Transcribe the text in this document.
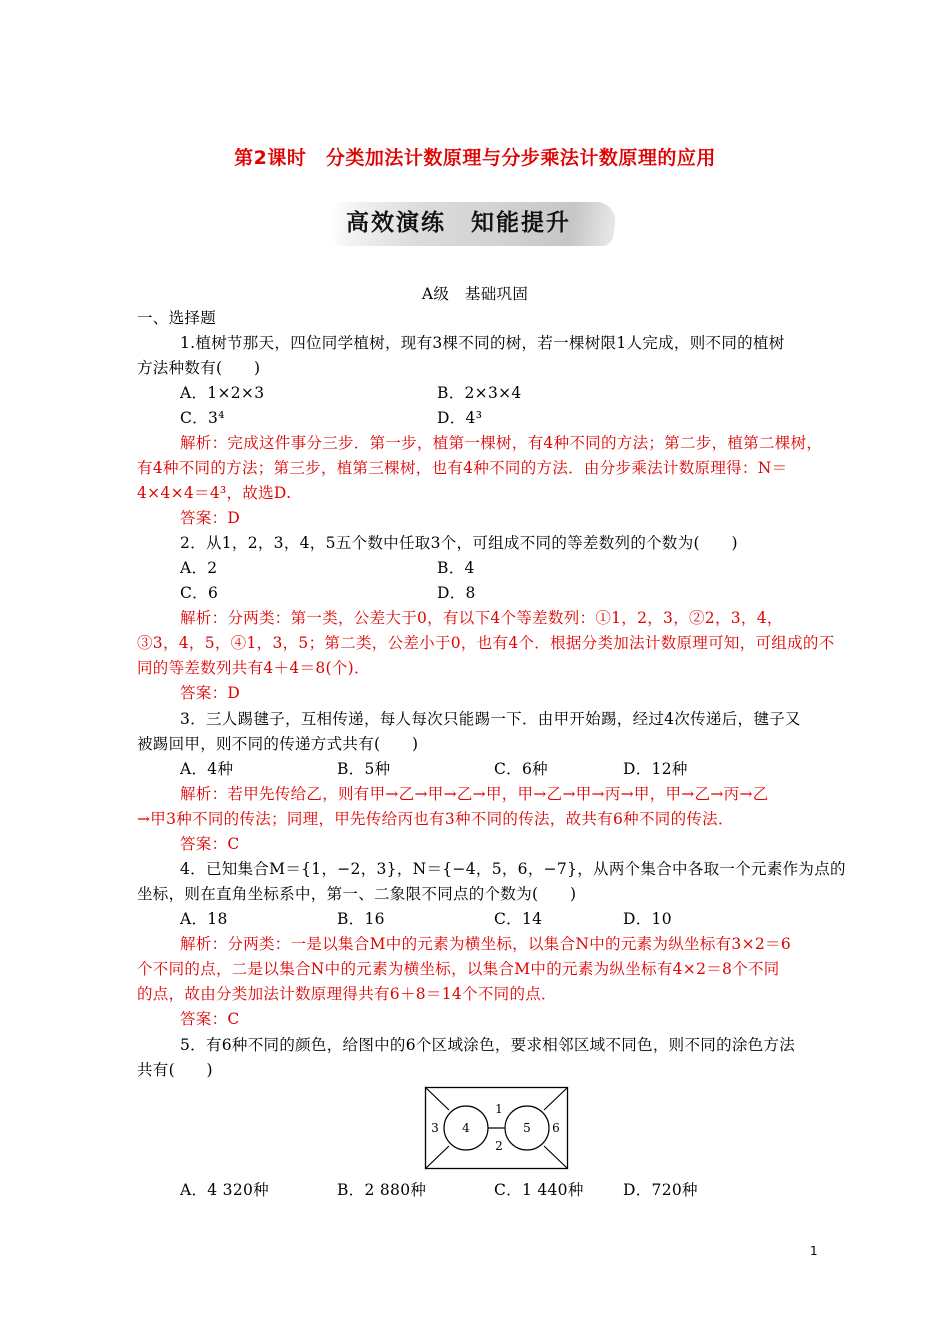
第2课时　分类加法计数原理与分步乘法计数原理的应用
高效演练　知能提升
A级　基础巩固
一、选择题
1.植树节那天，四位同学植树，现有3棵不同的树，若一棵树限1人完成，则不同的植树
方法种数有(　　)
A．1×2×3	B．2×3×4
C．3⁴	D．4³
解析：完成这件事分三步．第一步，植第一棵树，有4种不同的方法；第二步，植第二棵树，
有4种不同的方法；第三步，植第三棵树，也有4种不同的方法．由分步乘法计数原理得：N＝
4×4×4＝4³，故选D.
答案：D
2．从1，2，3，4，5五个数中任取3个，可组成不同的等差数列的个数为(　　)
A．2	B．4
C．6	D．8
解析：分两类：第一类，公差大于0，有以下4个等差数列：①1，2，3，②2，3，4，
③3，4，5，④1，3，5；第二类，公差小于0，也有4个．根据分类加法计数原理可知，可组成的不
同的等差数列共有4＋4＝8(个)．
答案：D
3．三人踢毽子，互相传递，每人每次只能踢一下．由甲开始踢，经过4次传递后，毽子又
被踢回甲，则不同的传递方式共有(　　)
A．4种	B．5种	C．6种	D．12种
解析：若甲先传给乙，则有甲→乙→甲→乙→甲，甲→乙→甲→丙→甲，甲→乙→丙→乙
→甲3种不同的传法；同理，甲先传给丙也有3种不同的传法，故共有6种不同的传法．
答案：C
4．已知集合M＝{1，−2，3}，N＝{−4，5，6，−7}，从两个集合中各取一个元素作为点的
坐标，则在直角坐标系中，第一、二象限不同点的个数为(　　)
A．18	B．16	C．14	D．10
解析：分两类：一是以集合M中的元素为横坐标，以集合N中的元素为纵坐标有3×2＝6
个不同的点，二是以集合N中的元素为横坐标，以集合M中的元素为纵坐标有4×2＝8个不同
的点，故由分类加法计数原理得共有6＋8＝14个不同的点．
答案：C
5．有6种不同的颜色，给图中的6个区域涂色，要求相邻区域不同色，则不同的涂色方法
共有(　　)
1
2
3 4	5 6
A．4 320种	B．2 880种	C．1 440种	D．720种
1
